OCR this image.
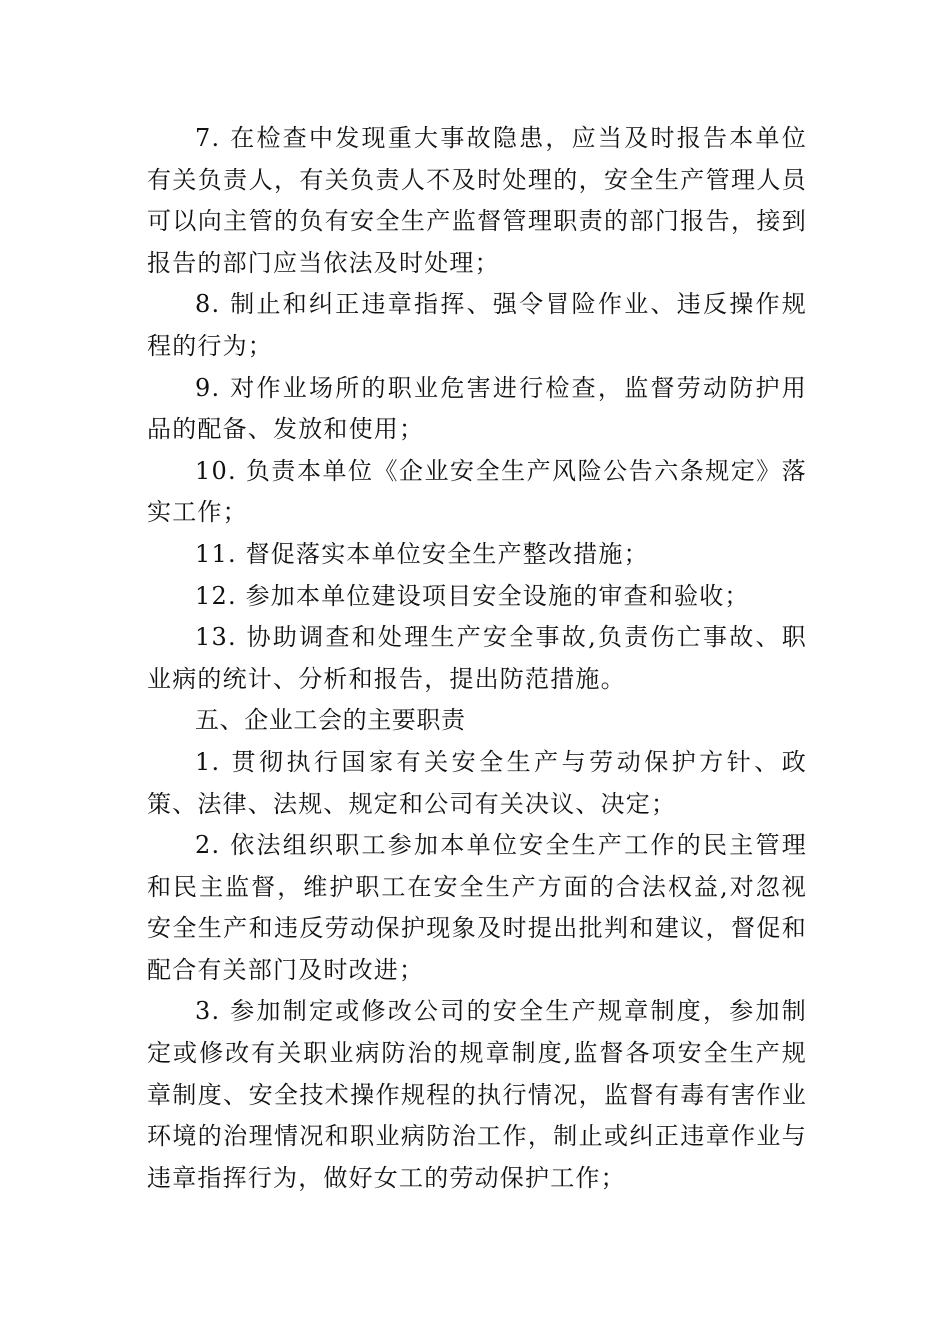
7. 在检查中发现重大事故隐患，应当及时报告本单位有关负责人，有关负责人不及时处理的，安全生产管理人员可以向主管的负有安全生产监督管理职责的部门报告，接到报告的部门应当依法及时处理；

8. 制止和纠正违章指挥、强令冒险作业、违反操作规程的行为；

9. 对作业场所的职业危害进行检查，监督劳动防护用品的配备、发放和使用；

10. 负责本单位《企业安全生产风险公告六条规定》落实工作；

11. 督促落实本单位安全生产整改措施；

12. 参加本单位建设项目安全设施的审查和验收；

13. 协助调查和处理生产安全事故,负责伤亡事故、职业病的统计、分析和报告，提出防范措施。

五、企业工会的主要职责

1. 贯彻执行国家有关安全生产与劳动保护方针、政策、法律、法规、规定和公司有关决议、决定；

2. 依法组织职工参加本单位安全生产工作的民主管理和民主监督，维护职工在安全生产方面的合法权益,对忽视安全生产和违反劳动保护现象及时提出批判和建议，督促和配合有关部门及时改进；

3. 参加制定或修改公司的安全生产规章制度，参加制定或修改有关职业病防治的规章制度,监督各项安全生产规章制度、安全技术操作规程的执行情况，监督有毒有害作业环境的治理情况和职业病防治工作，制止或纠正违章作业与违章指挥行为，做好女工的劳动保护工作；
